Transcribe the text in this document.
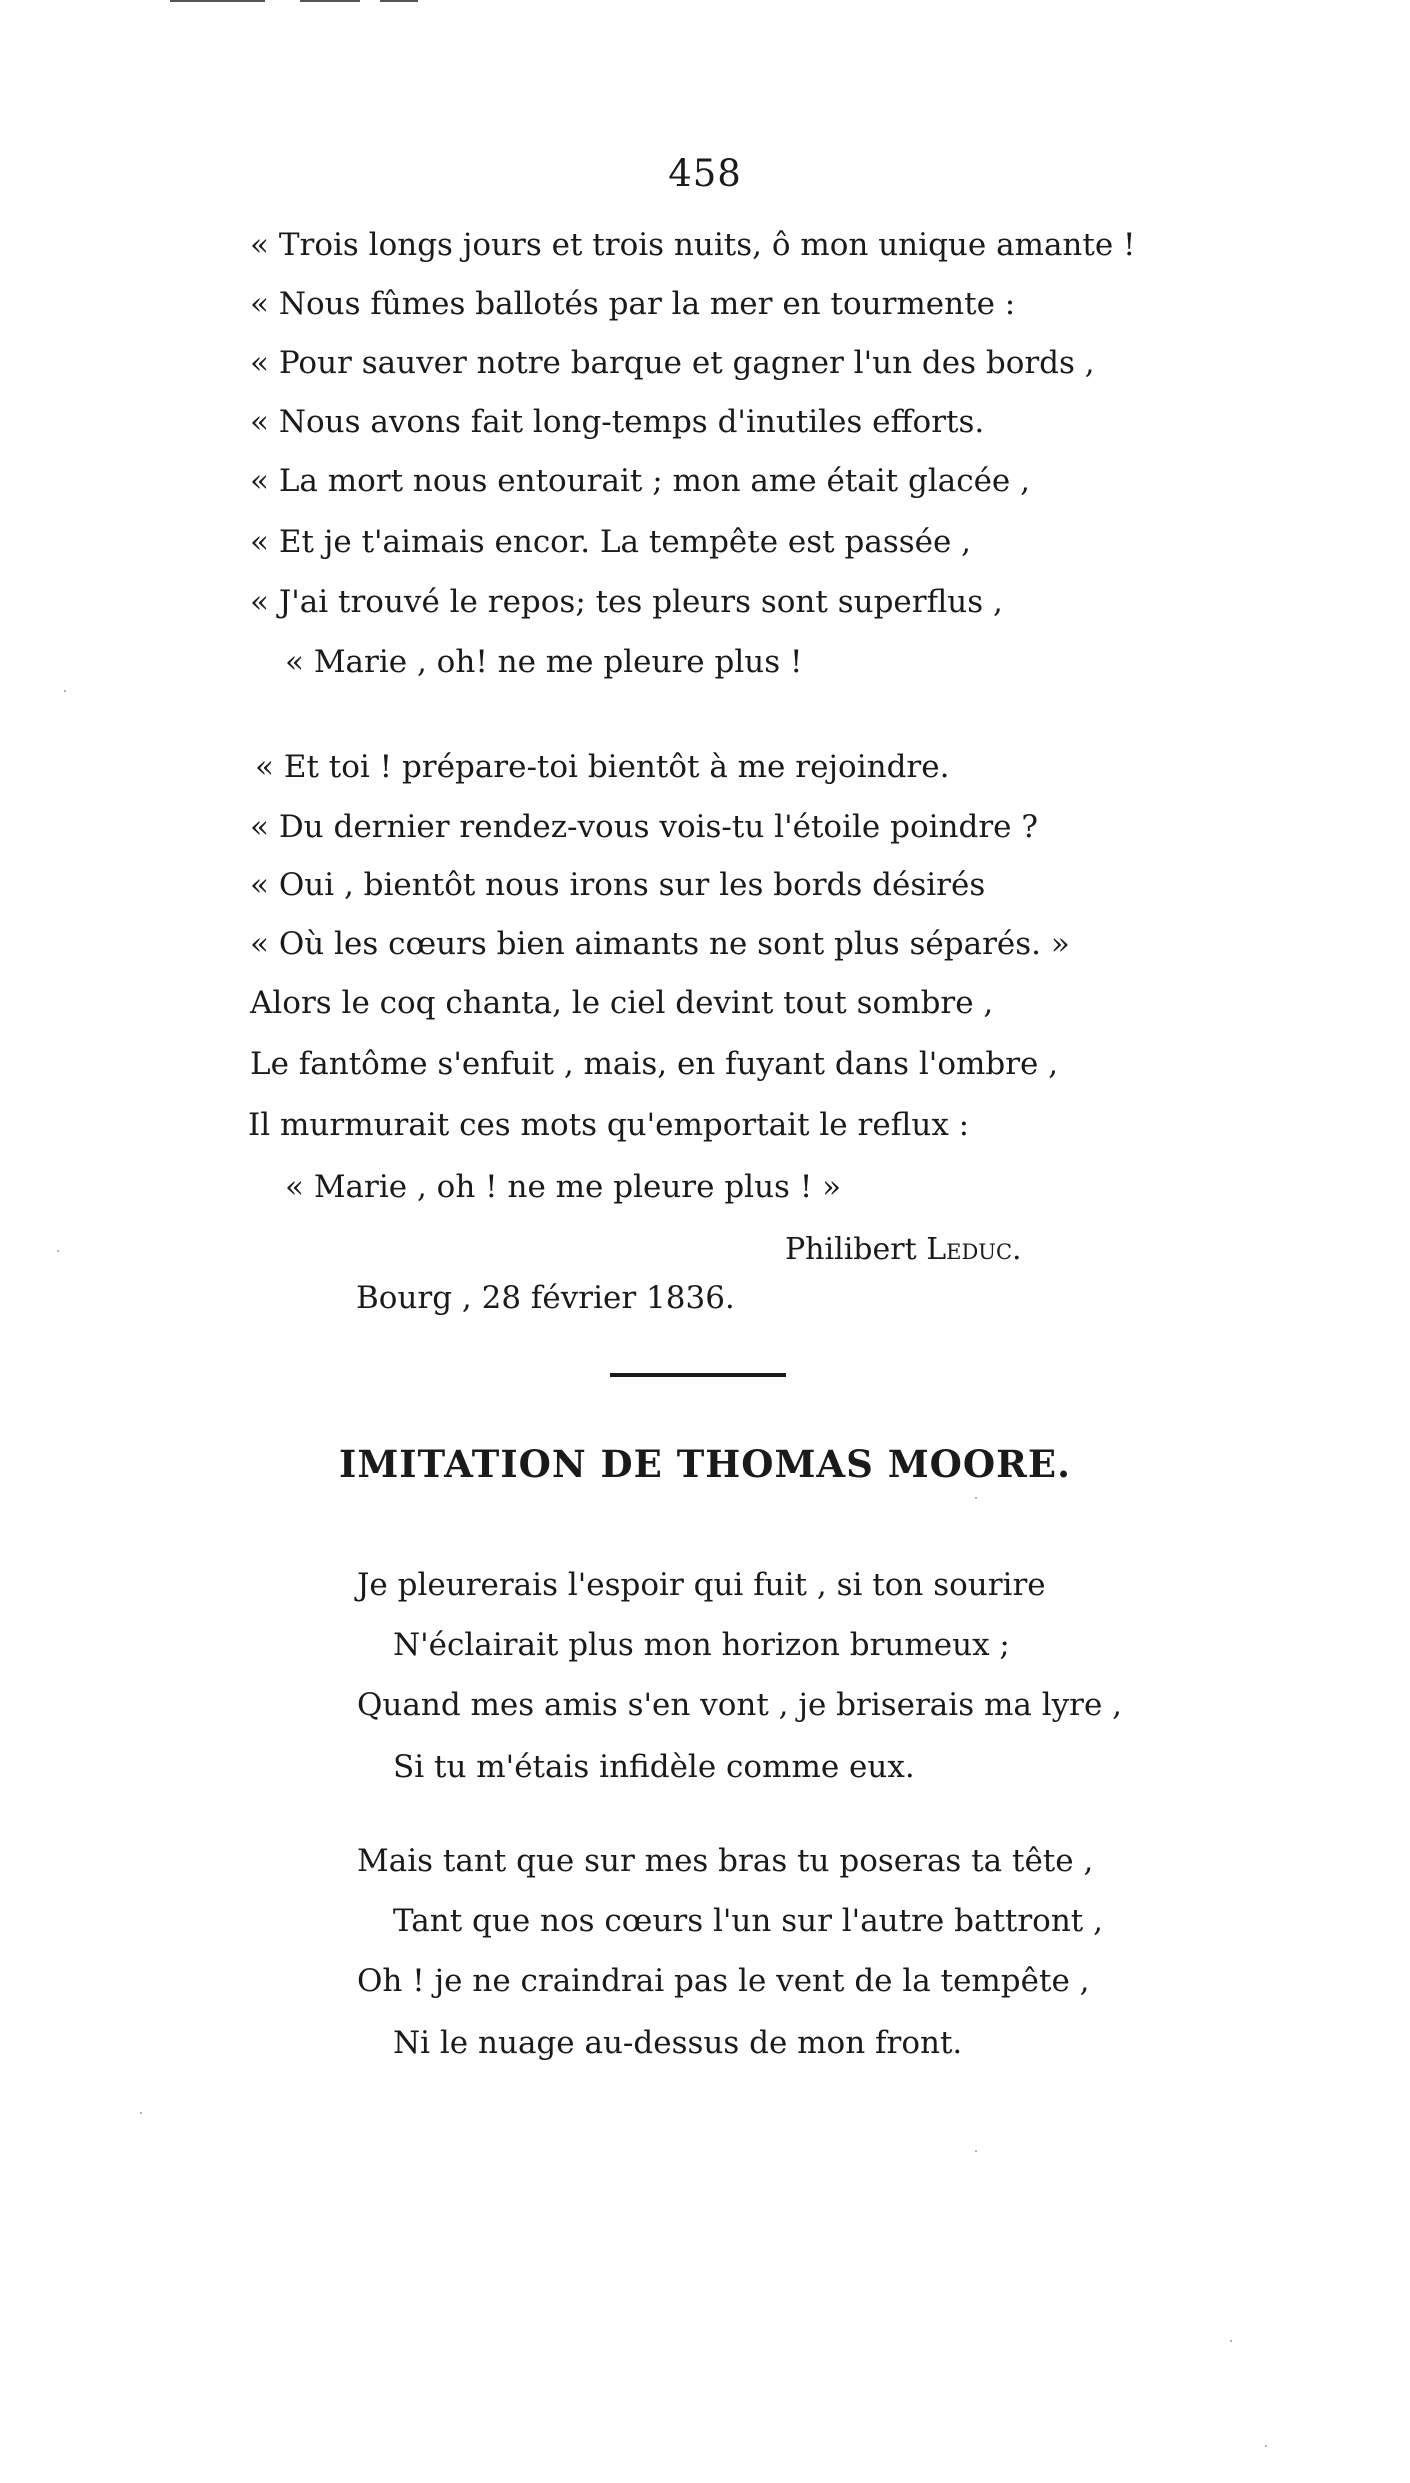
458
« Trois longs jours et trois nuits, ô mon unique amante !
« Nous fûmes ballotés par la mer en tourmente :
« Pour sauver notre barque et gagner l'un des bords ,
« Nous avons fait long-temps d'inutiles efforts.
« La mort nous entourait ; mon ame était glacée ,
« Et je t'aimais encor. La tempête est passée ,
« J'ai trouvé le repos; tes pleurs sont superflus ,
« Marie , oh! ne me pleure plus !
« Et toi ! prépare-toi bientôt à me rejoindre.
« Du dernier rendez-vous vois-tu l'étoile poindre ?
« Oui , bientôt nous irons sur les bords désirés
« Où les cœurs bien aimants ne sont plus séparés. »
Alors le coq chanta, le ciel devint tout sombre ,
Le fantôme s'enfuit , mais, en fuyant dans l'ombre ,
Il murmurait ces mots qu'emportait le reflux :
« Marie , oh ! ne me pleure plus ! »
Philibert Leduc.
Bourg , 28 février 1836.
IMITATION DE THOMAS MOORE.
Je pleurerais l'espoir qui fuit , si ton sourire
N'éclairait plus mon horizon brumeux ;
Quand mes amis s'en vont , je briserais ma lyre ,
Si tu m'étais infidèle comme eux.
Mais tant que sur mes bras tu poseras ta tête ,
Tant que nos cœurs l'un sur l'autre battront ,
Oh ! je ne craindrai pas le vent de la tempête ,
Ni le nuage au-dessus de mon front.
